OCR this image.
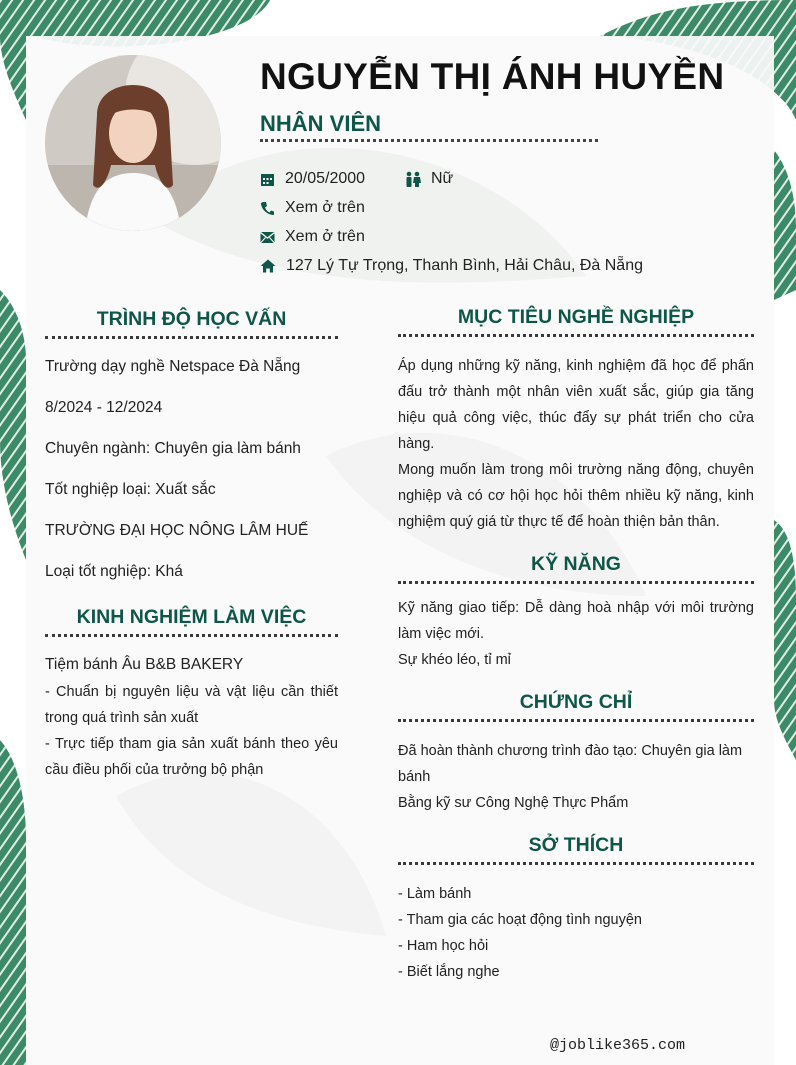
NGUYỄN THỊ ÁNH HUYỀN
NHÂN VIÊN
20/05/2000	Nữ
Xem ở trên
Xem ở trên
127 Lý Tự Trọng, Thanh Bình, Hải Châu, Đà Nẵng
TRÌNH ĐỘ HỌC VẤN
Trường dạy nghề Netspace Đà Nẵng
8/2024 - 12/2024
Chuyên ngành: Chuyên gia làm bánh
Tốt nghiệp loại: Xuất sắc
TRƯỜNG ĐẠI HỌC NÔNG LÂM HUẾ
Loại tốt nghiệp: Khá
KINH NGHIỆM LÀM VIỆC
Tiệm bánh Âu B&B BAKERY
- Chuẩn bị nguyên liệu và vật liệu cần thiết trong quá trình sản xuất
- Trực tiếp tham gia sản xuất bánh theo yêu cầu điều phối của trưởng bộ phận
MỤC TIÊU NGHỀ NGHIỆP
Áp dụng những kỹ năng, kinh nghiệm đã học để phấn đấu trở thành một nhân viên xuất sắc, giúp gia tăng hiệu quả công việc, thúc đẩy sự phát triển cho cửa hàng.
Mong muốn làm trong môi trường năng động, chuyên nghiệp và có cơ hội học hỏi thêm nhiều kỹ năng, kinh nghiệm quý giá từ thực tế để hoàn thiện bản thân.
KỸ NĂNG
Kỹ năng giao tiếp: Dễ dàng hoà nhập với môi trường làm việc mới.
Sự khéo léo, tỉ mỉ
CHỨNG CHỈ
Đã hoàn thành chương trình đào tạo: Chuyên gia làm bánh
Bằng kỹ sư Công Nghệ Thực Phẩm
SỞ THÍCH
- Làm bánh
- Tham gia các hoạt động tình nguyện
- Ham học hỏi
- Biết lắng nghe
@joblike365.com
